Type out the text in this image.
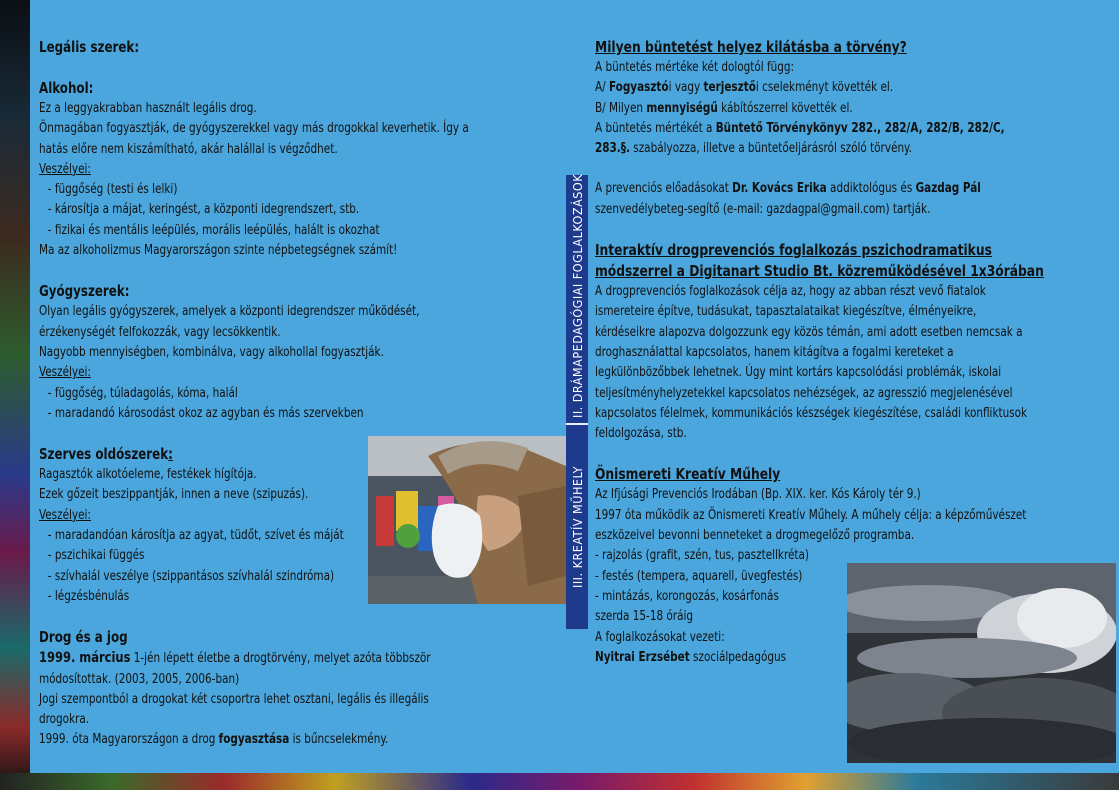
Legális szerek:

Alkohol:

Ez a leggyakrabban használt legális drog.

Önmagában fogyasztják, de gyógyszerekkel vagy más drogokkal keverhetik. Így a

hatás előre nem kiszámítható, akár halállal is végződhet.

Veszélyei:

- függőség (testi és lelki)

- károsítja a májat, keringést, a központi idegrendszert, stb.

- fizikai és mentális leépülés, morális leépülés, halált is okozhat

Ma az alkoholizmus Magyarországon szinte népbetegségnek számít!

Gyógyszerek:

Olyan legális gyógyszerek, amelyek a központi idegrendszer működését,

érzékenységét felfokozzák, vagy lecsökkentik.

Nagyobb mennyiségben, kombinálva, vagy alkohollal fogyasztják.

Veszélyei:

- függőség, túladagolás, kóma, halál

- maradandó károsodást okoz az agyban és más szervekben

Szerves oldószerek:

Ragasztók alkotóeleme, festékek hígítója.

Ezek gőzeit beszippantják, innen a neve (szipuzás).

Veszélyei:

- maradandóan károsítja az agyat, tüdőt, szívet és máját

- pszichikai függés

- szívhalál veszélye (szippantásos szívhalál szindróma)

- légzésbénulás

Drog és a jog

1999. március 1-jén lépett életbe a drogtörvény, melyet azóta többször

módosítottak. (2003, 2005, 2006-ban)

Jogi szempontból a drogokat két csoportra lehet osztani, legális és illegális

drogokra.

1999. óta Magyarországon a drog fogyasztása is bűncselekmény.

II. DRÁMAPEDAGÓGIAI FOGLALKOZÁSOK
III. KREATÍV MŰHELY

Milyen büntetést helyez kilátásba a törvény?

A büntetés mértéke két dologtól függ:

A/ Fogyasztói vagy terjesztői cselekményt követték el.

B/ Milyen mennyiségű kábítószerrel követték el.

A büntetés mértékét a Büntető Törvénykönyv 282., 282/A, 282/B, 282/C,

283.§. szabályozza, illetve a büntetőeljárásról szóló törvény.

A prevenciós előadásokat Dr. Kovács Erika addiktológus és Gazdag Pál

szenvedélybeteg-segítő (e-mail: gazdagpal@gmail.com) tartják.

Interaktív drogprevenciós foglalkozás pszichodramatikus

módszerrel a Digitanart Studio Bt. közreműködésével 1x3órában

A drogprevenciós foglalkozások célja az, hogy az abban részt vevő fiatalok

ismereteire építve, tudásukat, tapasztalataikat kiegészítve, élményeikre,

kérdéseikre alapozva dolgozzunk egy közös témán, ami adott esetben nemcsak a

droghasználattal kapcsolatos, hanem kitágítva a fogalmi kereteket a

legkülönbözőbbek lehetnek. Úgy mint kortárs kapcsolódási problémák, iskolai

teljesítményhelyzetekkel kapcsolatos nehézségek, az agresszió megjelenésével

kapcsolatos félelmek, kommunikációs készségek kiegészítése, családi konfliktusok

feldolgozása, stb.

Önismereti Kreatív Műhely

Az Ifjúsági Prevenciós Irodában (Bp. XIX. ker. Kós Károly tér 9.)

1997 óta működik az Önismereti Kreatív Műhely. A műhely célja: a képzőművészet

eszközeivel bevonni benneteket a drogmegelőző programba.

- rajzolás (grafit, szén, tus, pasztellkréta)

- festés (tempera, aquarell, üvegfestés)

- mintázás, korongozás, kosárfonás

szerda 15-18 óráig

A foglalkozásokat vezeti:

Nyitrai Erzsébet szociálpedagógus
